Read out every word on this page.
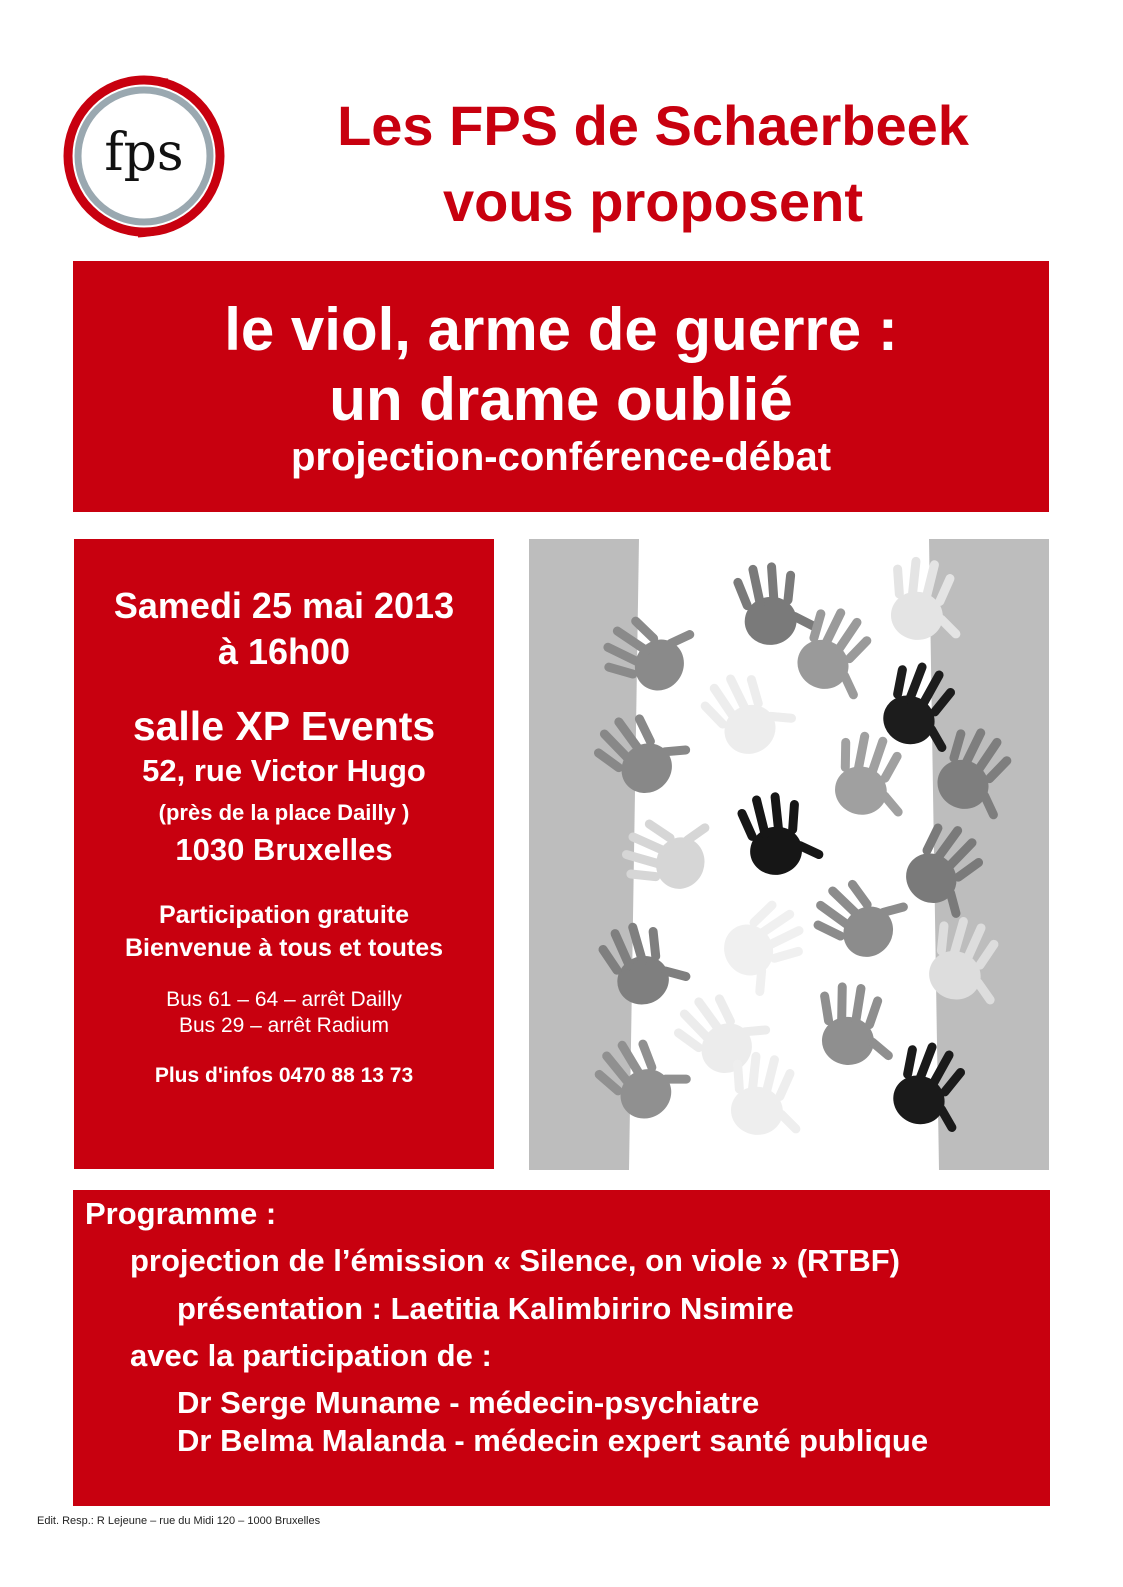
fps	Les FPS de Schaerbeek
vous proposent
le viol, arme de guerre :
un drame oublié
projection-conférence-débat
Samedi 25 mai 2013
à 16h00
salle XP Events
52, rue Victor Hugo
(près de la place Dailly )
1030 Bruxelles
Participation gratuite
Bienvenue à tous et toutes
Bus 61 – 64 – arrêt Dailly
Bus 29 – arrêt Radium
Plus d'infos 0470 88 13 73
Programme :
projection de l’émission « Silence, on viole » (RTBF)
présentation : Laetitia Kalimbiriro Nsimire
avec la participation de :
Dr Serge Muname - médecin-psychiatre
Dr Belma Malanda - médecin expert santé publique
Edit. Resp.: R Lejeune – rue du Midi 120 – 1000 Bruxelles
